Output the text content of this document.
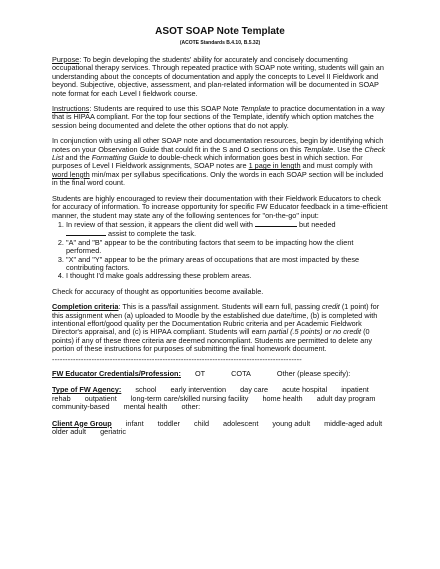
ASOT SOAP Note Template
(ACOTE Standards B.4.10, B.5.32)

Purpose: To begin developing the students' ability for accurately and concisely documenting occupational therapy services. Through repeated practice with SOAP note writing, students will gain an understanding about the concepts of documentation and apply the concepts to Level II Fieldwork and beyond. Subjective, objective, assessment, and plan-related information will be documented in SOAP note format for each Level I fieldwork course.

Instructions: Students are required to use this SOAP Note Template to practice documentation in a way that is HIPAA compliant. For the top four sections of the Template, identify which option matches the session being documented and delete the other options that do not apply.

In conjunction with using all other SOAP note and documentation resources, begin by identifying which notes on your Observation Guide that could fit in the S and O sections on this Template. Use the Check List and the Formatting Guide to double-check which information goes best in which section. For purposes of Level I Fieldwork assignments, SOAP notes are 1 page in length and must comply with word length min/max per syllabus specifications. Only the words in each SOAP section will be included in the final word count.

Students are highly encouraged to review their documentation with their Fieldwork Educators to check for accuracy of information. To increase opportunity for specific FW Educator feedback in a time-efficient manner, the student may state any of the following sentences for "on-the-go" input:
1. In review of that session, it appears the client did well with	but needed
assist to complete the task.
2. "A" and "B" appear to be the contributing factors that seem to be impacting how the client performed.
3. "X" and "Y" appear to be the primary areas of occupations that are most impacted by these contributing factors.
4. I thought I'd make goals addressing these problem areas.

Check for accuracy of thought as opportunities become available.

Completion criteria: This is a pass/fail assignment. Students will earn full, passing credit (1 point) for this assignment when (a) uploaded to Moodle by the established due date/time, (b) is completed with intentional effort/good quality per the Documentation Rubric criteria and per Academic Fieldwork Director's appraisal, and (c) is HIPAA compliant. Students will earn partial (.5 points) or no credit (0 points) if any of these three criteria are deemed noncompliant. Students are permitted to delete any portion of these instructions for purposes of submitting the final homework document.
-----------------------------------------------------------------------------------------------
FW Educator Credentials/Profession: OT	COTA	Other (please specify):
Type of FW Agency: school early intervention day care acute hospital inpatient
rehab outpatient long-term care/skilled nursing facility home health adult day program
community-based mental health other:
Client Age Group infant toddler child adolescent young adult middle-aged adult
older adult geriatric
